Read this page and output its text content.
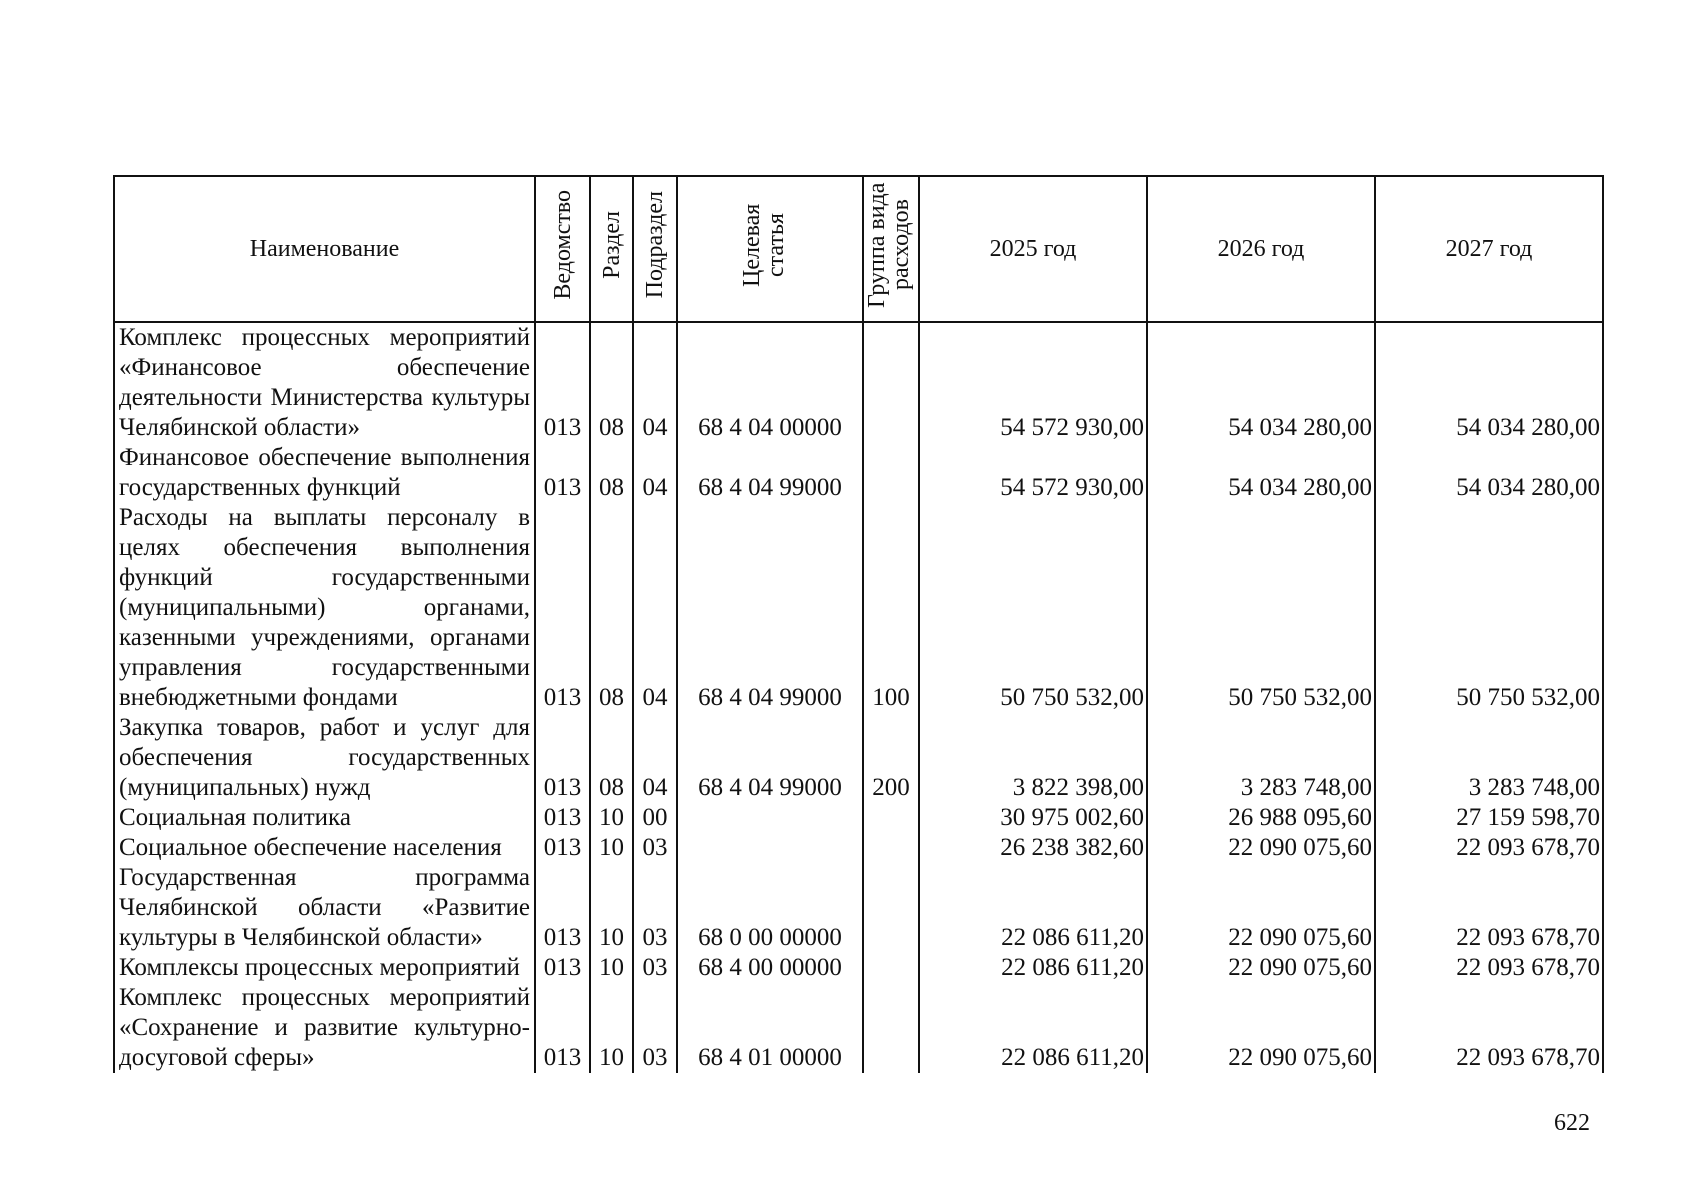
Наименование	Ведомство	Раздел	Подраздел	Целевая статья	Группа вида расходов	2025 год	2026 год	2027 год
Комплекс процессных мероприятий «Финансовое обеспечение деятельности Министерства культуры Челябинской области»	013	08	04	68 4 04 00000		54 572 930,00	54 034 280,00	54 034 280,00
Финансовое обеспечение выполнения государственных функций	013	08	04	68 4 04 99000		54 572 930,00	54 034 280,00	54 034 280,00
Расходы на выплаты персоналу в целях обеспечения выполнения функций государственными (муниципальными) органами, казенными учреждениями, органами управления государственными внебюджетными фондами	013	08	04	68 4 04 99000	100	50 750 532,00	50 750 532,00	50 750 532,00
Закупка товаров, работ и услуг для обеспечения государственных (муниципальных) нужд	013	08	04	68 4 04 99000	200	3 822 398,00	3 283 748,00	3 283 748,00
Социальная политика	013	10	00			30 975 002,60	26 988 095,60	27 159 598,70
Социальное обеспечение населения	013	10	03			26 238 382,60	22 090 075,60	22 093 678,70
Государственная программа Челябинской области «Развитие культуры в Челябинской области»	013	10	03	68 0 00 00000		22 086 611,20	22 090 075,60	22 093 678,70
Комплексы процессных мероприятий	013	10	03	68 4 00 00000		22 086 611,20	22 090 075,60	22 093 678,70
Комплекс процессных мероприятий «Сохранение и развитие культурно-досуговой сферы»	013	10	03	68 4 01 00000		22 086 611,20	22 090 075,60	22 093 678,70
622
